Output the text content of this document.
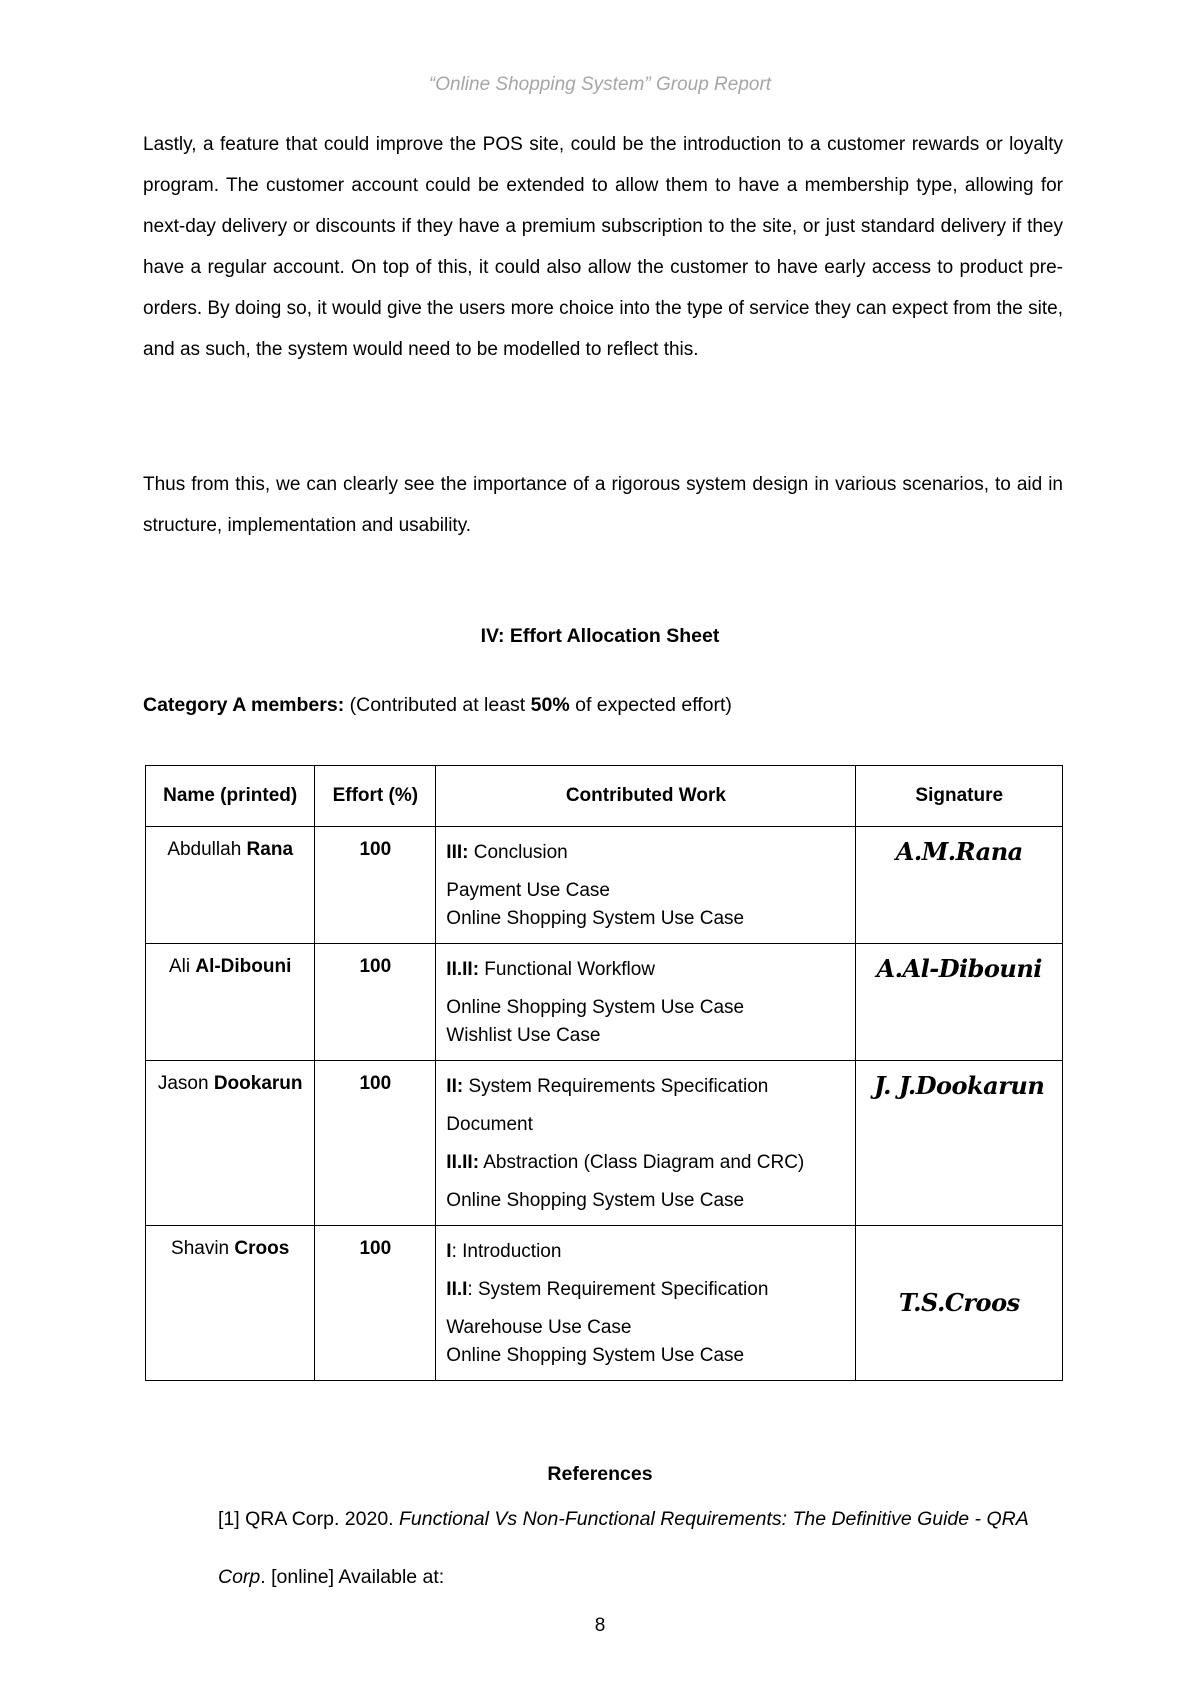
“Online Shopping System” Group Report

Lastly, a feature that could improve the POS site, could be the introduction to a customer rewards or loyalty program. The customer account could be extended to allow them to have a membership type, allowing for next-day delivery or discounts if they have a premium subscription to the site, or just standard delivery if they have a regular account. On top of this, it could also allow the customer to have early access to product pre-orders. By doing so, it would give the users more choice into the type of service they can expect from the site, and as such, the system would need to be modelled to reflect this.

Thus from this, we can clearly see the importance of a rigorous system design in various scenarios, to aid in structure, implementation and usability.

IV: Effort Allocation Sheet
Category A members: (Contributed at least 50% of expected effort)
Name (printed)	Effort (%)	Contributed Work	Signature
Abdullah Rana	100	III: Conclusion
Payment Use Case
Online Shopping System Use Case	A.M.Rana
Ali Al-Dibouni	100	II.II: Functional Workflow
Online Shopping System Use Case
Wishlist Use Case	A.Al-Dibouni
Jason Dookarun	100	II: System Requirements Specification
Document
II.II: Abstraction (Class Diagram and CRC)
Online Shopping System Use Case	J. J.Dookarun
Shavin Croos	100	I: Introduction
II.I: System Requirement Specification
Warehouse Use Case
Online Shopping System Use Case	T.S.Croos
References
[1] QRA Corp. 2020. Functional Vs Non-Functional Requirements: The Definitive Guide - QRA
Corp. [online] Available at:
8
